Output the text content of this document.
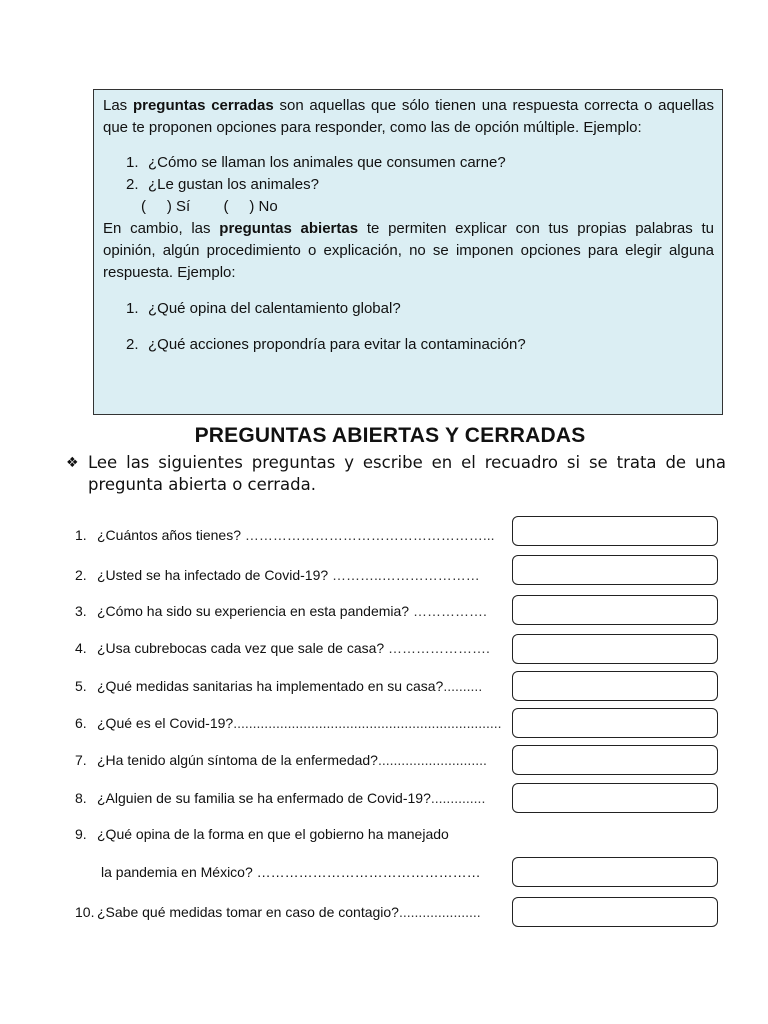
Las preguntas cerradas son aquellas que sólo tienen una respuesta correcta o aquellas que te proponen opciones para responder, como las de opción múltiple. Ejemplo:

1. ¿Cómo se llaman los animales que consumen carne?
2. ¿Le gustan los animales?
(     ) Sí        (     ) No

En cambio, las preguntas abiertas te permiten explicar con tus propias palabras tu opinión, algún procedimiento o explicación, no se imponen opciones para elegir alguna respuesta. Ejemplo:

1. ¿Qué opina del calentamiento global?
2. ¿Qué acciones propondría para evitar la contaminación?
PREGUNTAS ABIERTAS Y CERRADAS
❖ Lee las siguientes preguntas y escribe en el recuadro si se trata de una pregunta abierta o cerrada.
1. ¿Cuántos años tienes? ……………………………………………...
2. ¿Usted se ha infectado de Covid-19? ………..…………………
3. ¿Cómo ha sido su experiencia en esta pandemia? …………….
4. ¿Usa cubrebocas cada vez que sale de casa? ………………….
5. ¿Qué medidas sanitarias ha implementado en su casa?..........
6. ¿Qué es el Covid-19?.....................................................................
7. ¿Ha tenido algún síntoma de la enfermedad?............................
8. ¿Alguien de su familia se ha enfermado de Covid-19?..............
9. ¿Qué opina de la forma en que el gobierno ha manejado
la pandemia en México? …………………………………………
10. ¿Sabe qué medidas tomar en caso de contagio?.....................
